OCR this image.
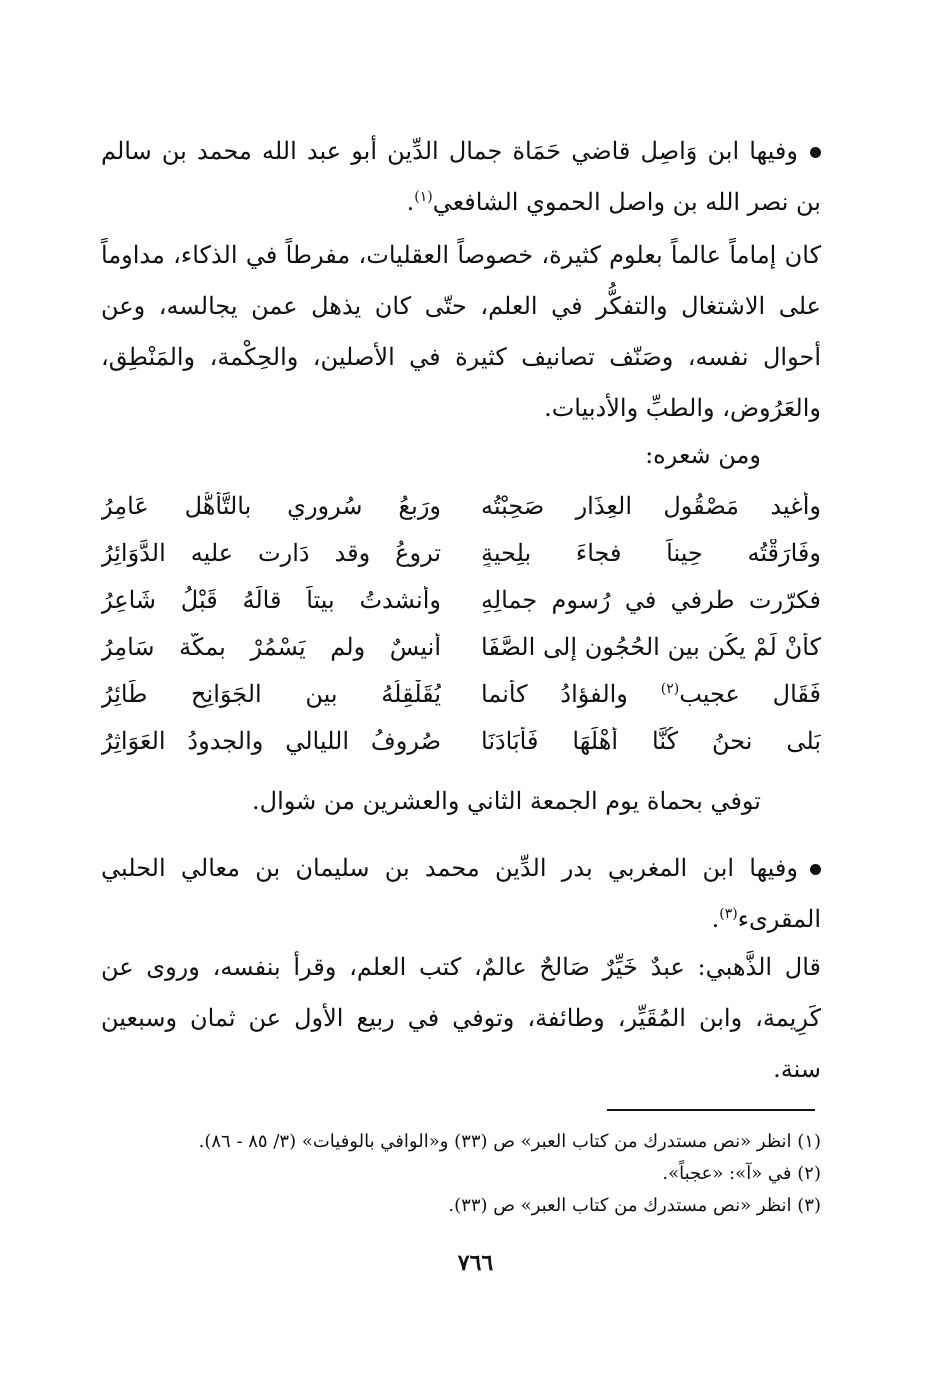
وفيها ابن وَاصِل قاضي حَمَاة جمال الدِّين أبو عبد الله محمد بن سالم بن نصر الله بن واصل الحموي الشافعي$^{(١)}$.
كان إماماً عالماً بعلوم كثيرة، خصوصاً العقليات، مفرطاً في الذكاء، مداوماً على الاشتغال والتفكُّر في العلم، حتّى كان يذهل عمن يجالسه، وعن أحوال نفسه، وصَنّف تصانيف كثيرة في الأصلين، والحِكْمة، والمَنْطِق، والعَرُوض، والطبِّ والأدبيات.
ومن شعره:
وأغيد مَصْقُول العِذَار صَحِبْتُه
ورَبعُ سُروري بالتَّأَهُّل عَامِرُ
وفَارَقْتُه حِيناً فجاءَ بلِحيةٍ
تروعُ وقد دَارت عليه الدَّوَائِرُ
فكرّرت طرفي في رُسومِ جمالِهِ
وأنشدتُ بيتاً قالَهُ قَبْلُ شَاعِرُ
كأنْ لَمْ يكُن بين الحُجُونِ إلى الصَّفَا
أنيسٌ ولم يَسْمُرْ بمكّة سَامِرُ
فَقَال عجيب$^{(٢)}$ والفؤادُ كأنما
يُقَلْقِلُهُ بين الجَوَانِحِ طَائِرُ
بَلى نحنُ كُنَّا أَهْلَهَا فَأَبَادَنَا
صُروفُ الليالي والجدودُ العَوَاثِرُ
توفي بحماة يوم الجمعة الثاني والعشرين من شوال.
وفيها ابن المغربي بدر الدِّين محمد بن سليمان بن معالي الحلبي المقرىء$^{(٣)}$.
قال الذَّهبي: عبدٌ خَيِّرٌ صَالحٌ عالمٌ، كتب العلم، وقرأ بنفسه، وروى عن كَرِيمة، وابن المُقَيِّر، وطائفة، وتوفي في ربيع الأول عن ثمان وسبعين سنة.
(١) انظر «نص مستدرك من كتاب العبر» ص (٣٣) و«الوافي بالوفيات» (٣/ ٨٥ - ٨٦).
(٢) في «آ»: «عجباً».
(٣) انظر «نص مستدرك من كتاب العبر» ص (٣٣).
٧٦٦
